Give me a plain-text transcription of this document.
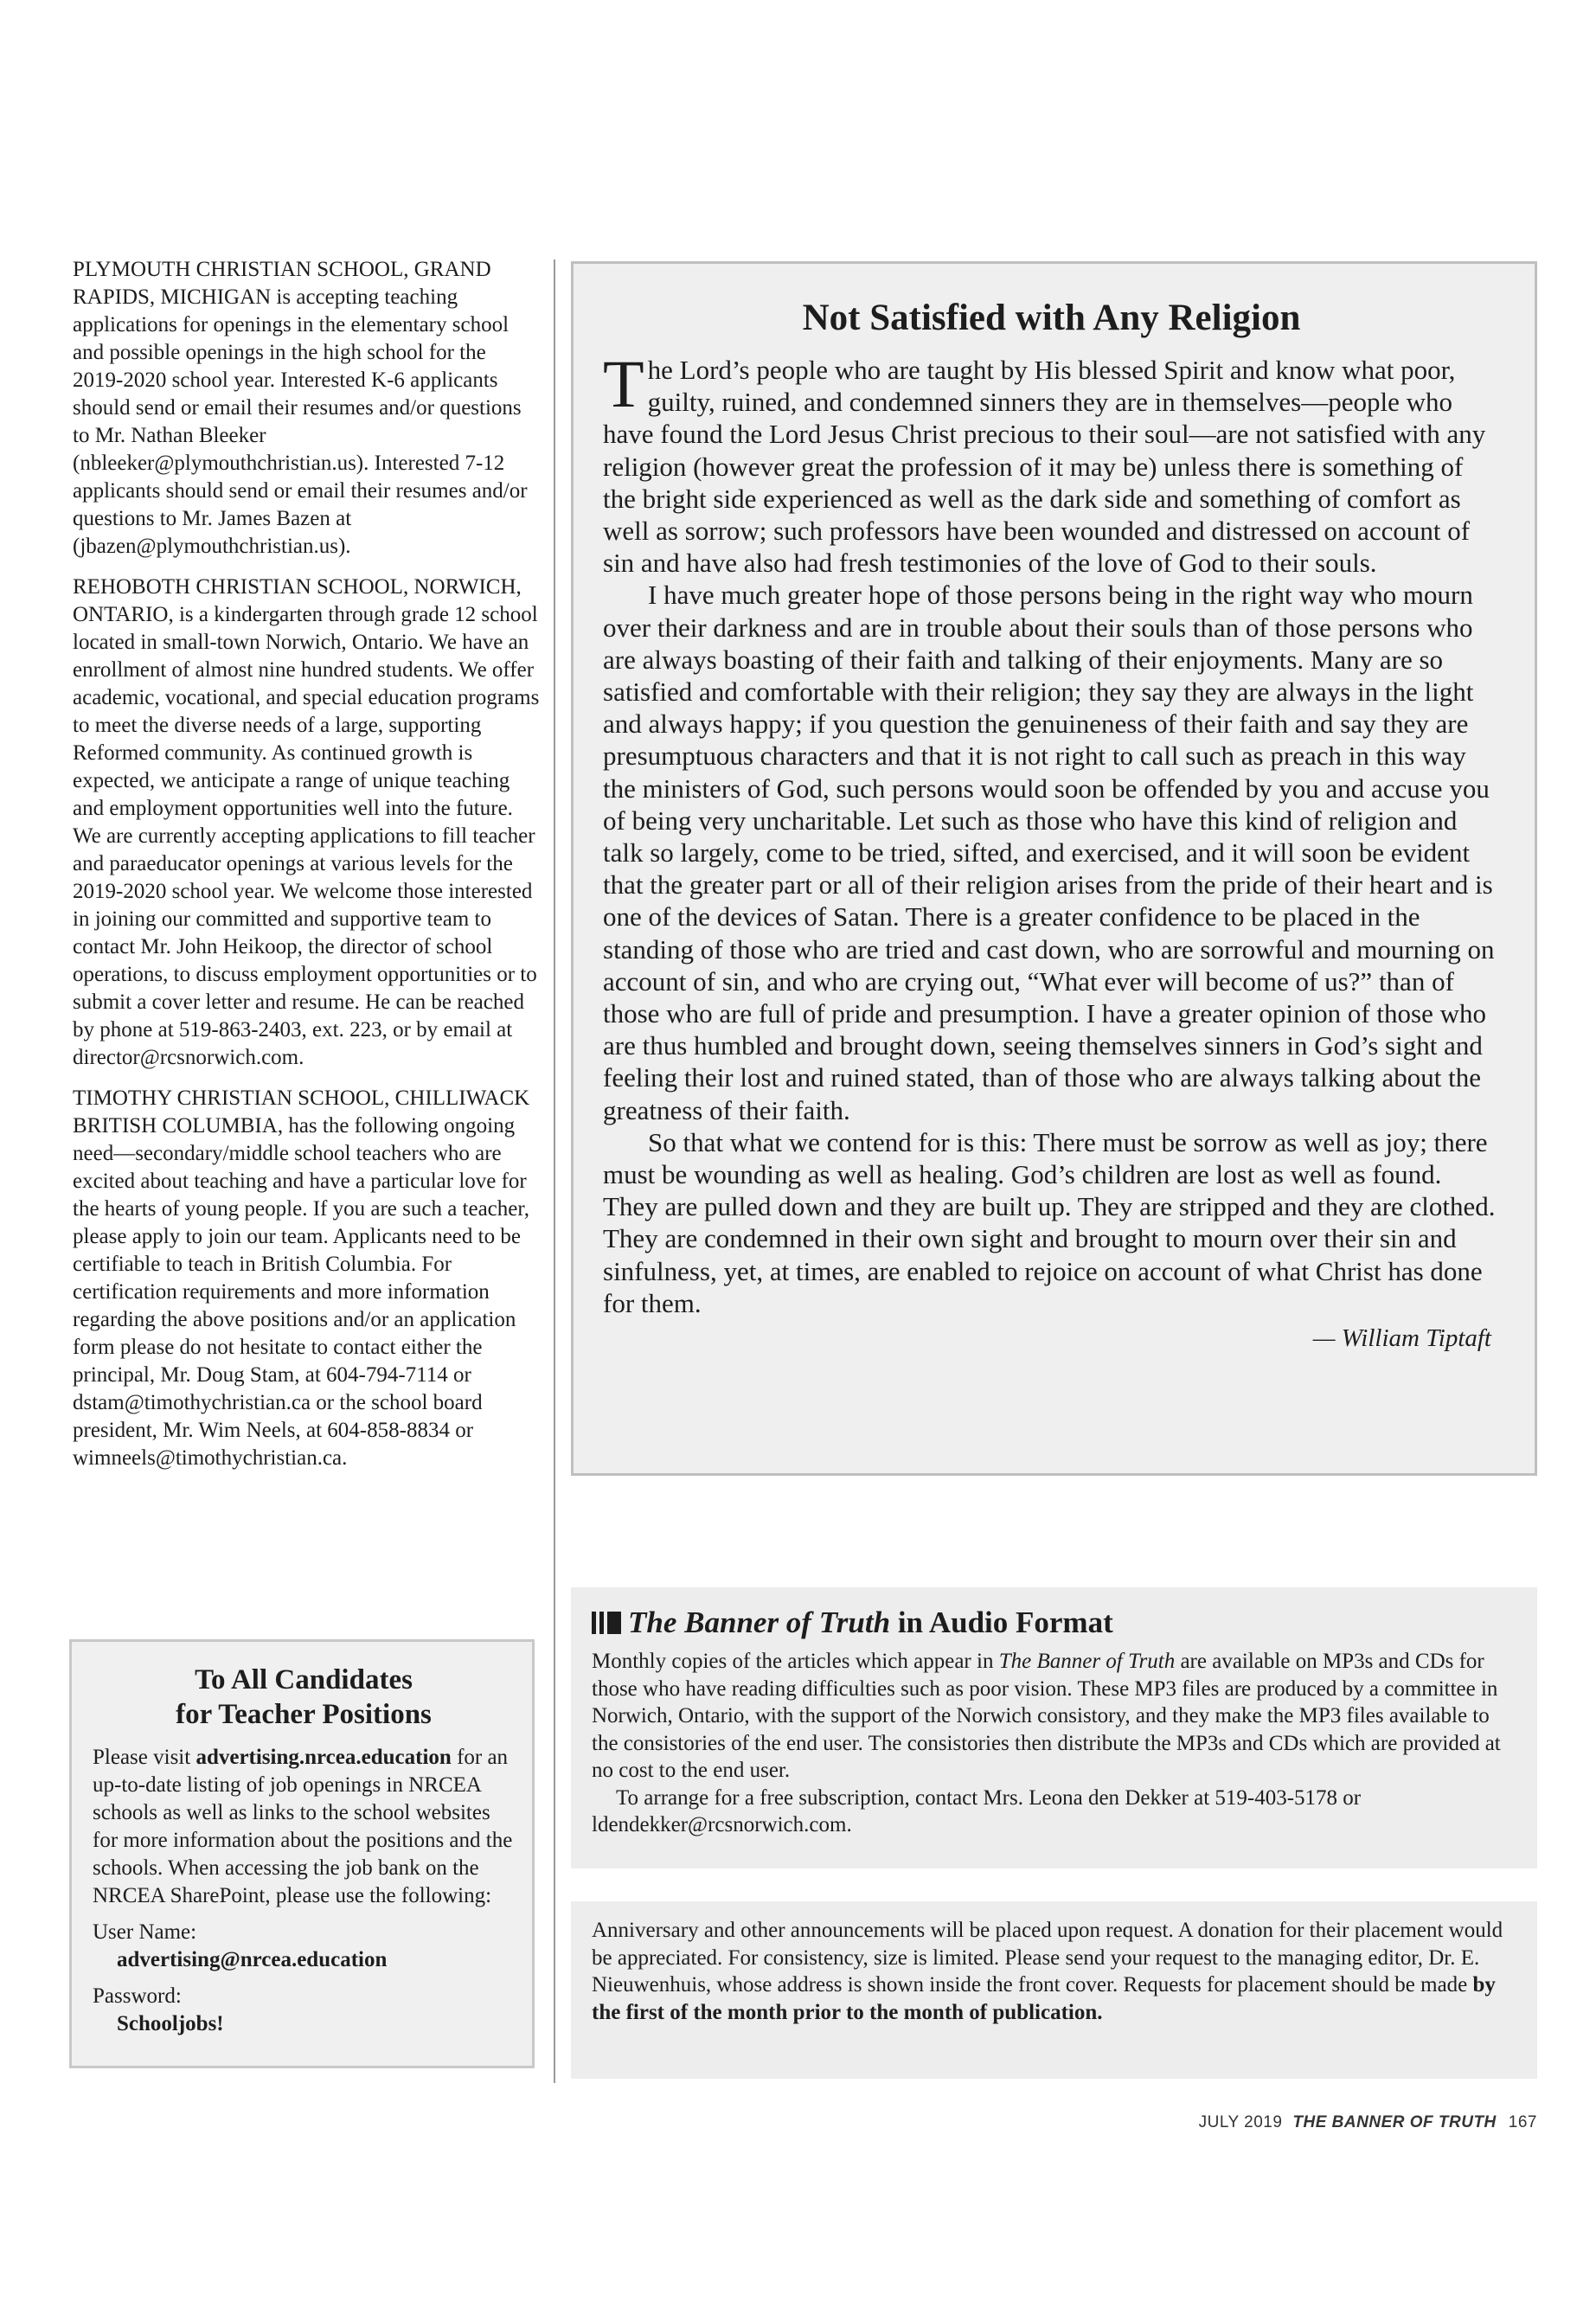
PLYMOUTH CHRISTIAN SCHOOL, GRAND RAPIDS, MICHIGAN is accepting teaching applications for openings in the elementary school and possible openings in the high school for the 2019-2020 school year. Interested K-6 applicants should send or email their resumes and/or questions to Mr. Nathan Bleeker (nbleeker@plymouthchristian.us). Interested 7-12 applicants should send or email their resumes and/or questions to Mr. James Bazen at (jbazen@plymouthchristian.us).

REHOBOTH CHRISTIAN SCHOOL, NORWICH, ONTARIO, is a kindergarten through grade 12 school located in small-town Norwich, Ontario. We have an enrollment of almost nine hundred students. We offer academic, vocational, and special education programs to meet the diverse needs of a large, supporting Reformed community. As continued growth is expected, we anticipate a range of unique teaching and employment opportunities well into the future. We are currently accepting applications to fill teacher and paraeducator openings at various levels for the 2019-2020 school year. We welcome those interested in joining our committed and supportive team to contact Mr. John Heikoop, the director of school operations, to discuss employment opportunities or to submit a cover letter and resume. He can be reached by phone at 519-863-2403, ext. 223, or by email at director@rcsnorwich.com.

TIMOTHY CHRISTIAN SCHOOL, CHILLIWACK BRITISH COLUMBIA, has the following ongoing need—secondary/middle school teachers who are excited about teaching and have a particular love for the hearts of young people. If you are such a teacher, please apply to join our team. Applicants need to be certifiable to teach in British Columbia. For certification requirements and more information regarding the above positions and/or an application form please do not hesitate to contact either the principal, Mr. Doug Stam, at 604-794-7114 or dstam@timothychristian.ca or the school board president, Mr. Wim Neels, at 604-858-8834 or wimneels@timothychristian.ca.

To All Candidates
for Teacher Positions

Please visit advertising.nrcea.education for an up-to-date listing of job openings in NRCEA schools as well as links to the school websites for more information about the positions and the schools. When accessing the job bank on the NRCEA SharePoint, please use the following:

User Name:

advertising@nrcea.education

Password:

Schooljobs!

Not Satisfied with Any Religion

The Lord’s people who are taught by His blessed Spirit and know what poor, guilty, ruined, and condemned sinners they are in themselves—people who have found the Lord Jesus Christ precious to their soul—are not satisfied with any religion (however great the profession of it may be) unless there is something of the bright side experienced as well as the dark side and something of comfort as well as sorrow; such professors have been wounded and distressed on account of sin and have also had fresh testimonies of the love of God to their souls.

I have much greater hope of those persons being in the right way who mourn over their darkness and are in trouble about their souls than of those persons who are always boasting of their faith and talking of their enjoyments. Many are so satisfied and comfortable with their religion; they say they are always in the light and always happy; if you question the genuineness of their faith and say they are presumptuous characters and that it is not right to call such as preach in this way the ministers of God, such persons would soon be offended by you and accuse you of being very uncharitable. Let such as those who have this kind of religion and talk so largely, come to be tried, sifted, and exercised, and it will soon be evident that the greater part or all of their religion arises from the pride of their heart and is one of the devices of Satan. There is a greater confidence to be placed in the standing of those who are tried and cast down, who are sorrowful and mourning on account of sin, and who are crying out, “What ever will become of us?” than of those who are full of pride and presumption. I have a greater opinion of those who are thus humbled and brought down, seeing themselves sinners in God’s sight and feeling their lost and ruined stated, than of those who are always talking about the greatness of their faith.

So that what we contend for is this: There must be sorrow as well as joy; there must be wounding as well as healing. God’s children are lost as well as found. They are pulled down and they are built up. They are stripped and they are clothed. They are condemned in their own sight and brought to mourn over their sin and sinfulness, yet, at times, are enabled to rejoice on account of what Christ has done for them.

— William Tiptaft
The Banner of Truth in Audio Format

Monthly copies of the articles which appear in The Banner of Truth are available on MP3s and CDs for those who have reading difficulties such as poor vision. These MP3 files are produced by a committee in Norwich, Ontario, with the support of the Norwich consistory, and they make the MP3 files available to the consistories of the end user. The consistories then distribute the MP3s and CDs which are provided at no cost to the end user.

To arrange for a free subscription, contact Mrs. Leona den Dekker at 519-403-5178 or ldendekker@rcsnorwich.com.

Anniversary and other announcements will be placed upon request. A donation for their placement would be appreciated. For consistency, size is limited. Please send your request to the managing editor, Dr. E. Nieuwenhuis, whose address is shown inside the front cover. Requests for placement should be made by the first of the month prior to the month of publication.

JULY 2019 THE BANNER OF TRUTH 167
